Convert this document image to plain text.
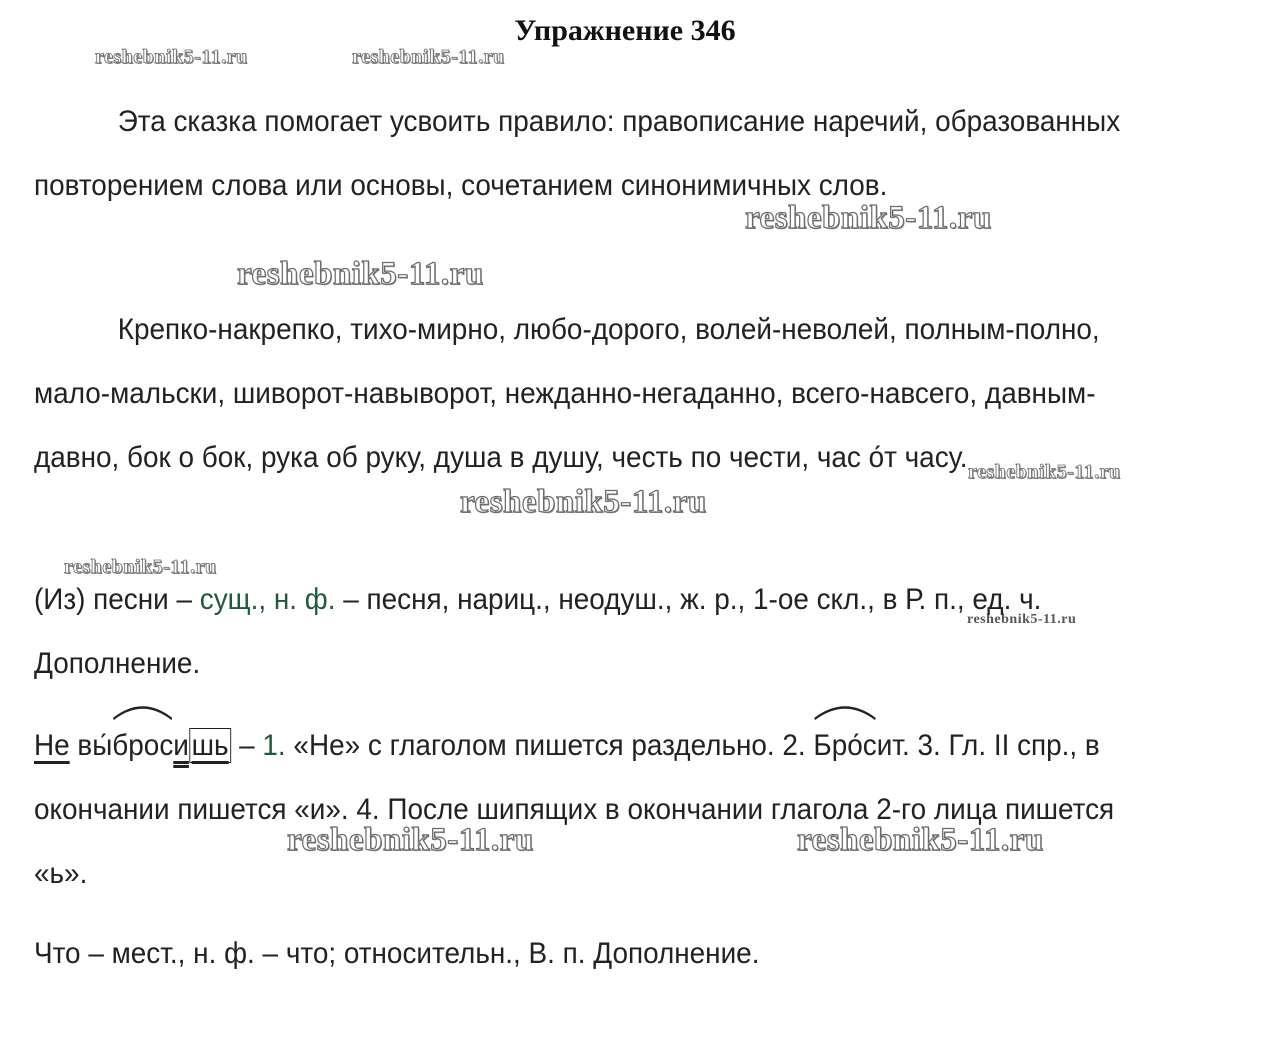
Упражнение 346
reshebnik5-11.ru	reshebnik5-11.ru
reshebnik5-11.ru
reshebnik5-11.ru
reshebnik5-11.ru
reshebnik5-11.ru
reshebnik5-11.ru
reshebnik5-11.ru
reshebnik5-11.ru	reshebnik5-11.ru
Эта сказка помогает усвоить правило: правописание наречий, образованных повторением слова или основы, сочетанием синонимичных слов.
Крепко-накрепко, тихо-мирно, любо-дорого, волей-неволей, полным-полно, мало-мальски, шиворот-навыворот, нежданно-негаданно, всего-навсего, давным-давно, бок о бок, рука об руку, душа в душу, честь по чести, час о́т часу.
(Из) песни – сущ., н. ф. – песня, нариц., неодуш., ж. р., 1-ое скл., в Р. п., ед. ч. Дополнение.
Не вы́
бросишь – 1. «Не» с глаголом пишется раздельно. 2.
Бро́сит. 3. Гл. II спр., в окончании пишется «и». 4. После шипящих в окончании глагола 2-го лица пишется «ь».
Что – мест., н. ф. – что; относительн., В. п. Дополнение.
